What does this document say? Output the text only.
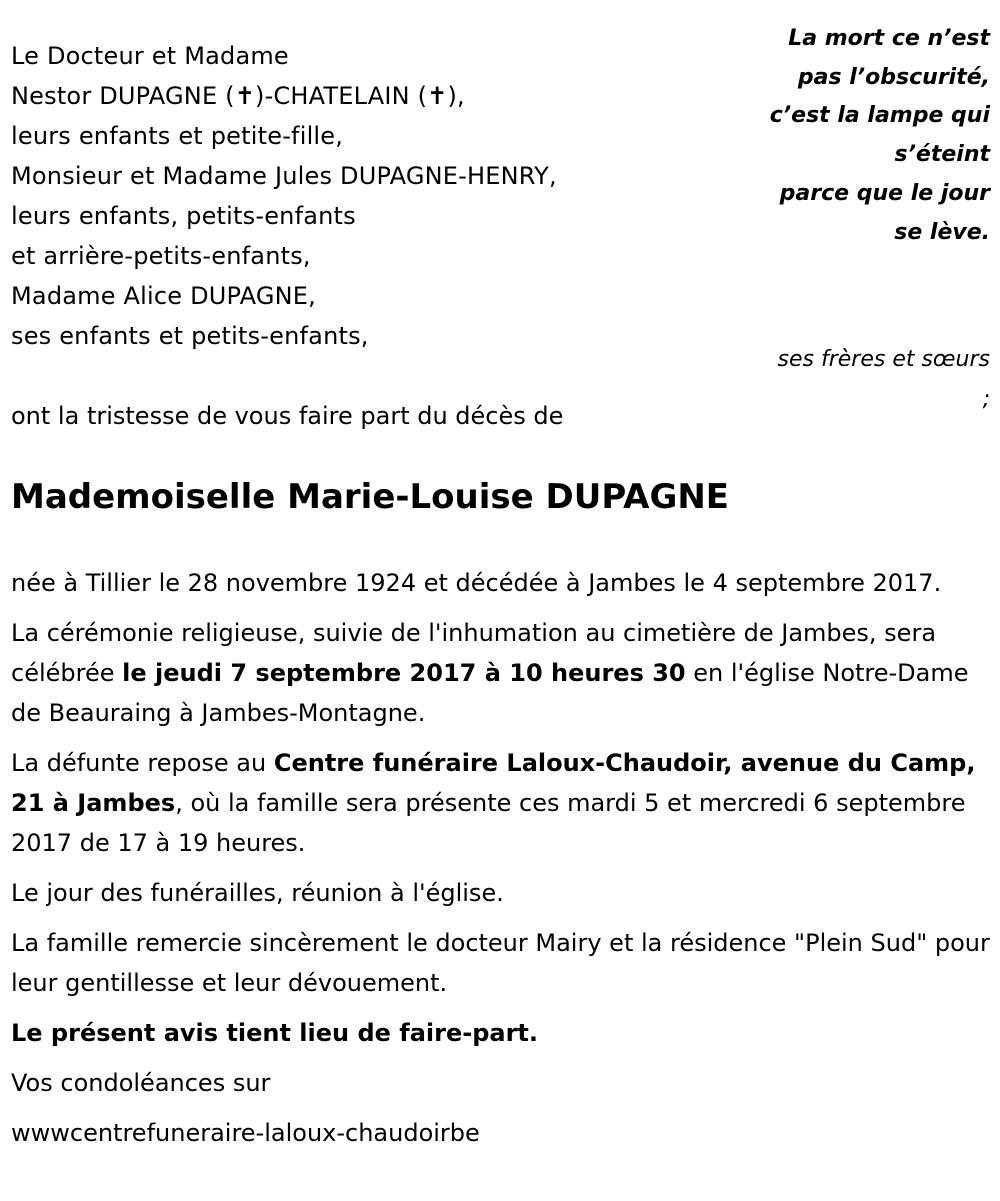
Le Docteur et Madame
Nestor DUPAGNE (✝)-CHATELAIN (✝),
leurs enfants et petite-fille,
Monsieur et Madame Jules DUPAGNE-HENRY,
leurs enfants, petits-enfants
et arrière-petits-enfants,
Madame Alice DUPAGNE,
ses enfants et petits-enfants,
La mort ce n’est
pas l’obscurité,
c’est la lampe qui
s’éteint
parce que le jour
se lève.
ses frères et sœurs
;
ont la tristesse de vous faire part du décès de
Mademoiselle Marie-Louise DUPAGNE

née à Tillier le 28 novembre 1924 et décédée à Jambes le 4 septembre 2017.

La cérémonie religieuse, suivie de l'inhumation au cimetière de Jambes, sera célébrée le jeudi 7 septembre 2017 à 10 heures 30 en l'église Notre-Dame de Beauraing à Jambes-Montagne.

La défunte repose au Centre funéraire Laloux-Chaudoir, avenue du Camp, 21 à Jambes, où la famille sera présente ces mardi 5 et mercredi 6 septembre 2017 de 17 à 19 heures.

Le jour des funérailles, réunion à l'église.

La famille remercie sincèrement le docteur Mairy et la résidence "Plein Sud" pour leur gentillesse et leur dévouement.

Le présent avis tient lieu de faire-part.

Vos condoléances sur

wwwcentrefuneraire-laloux-chaudoirbe
